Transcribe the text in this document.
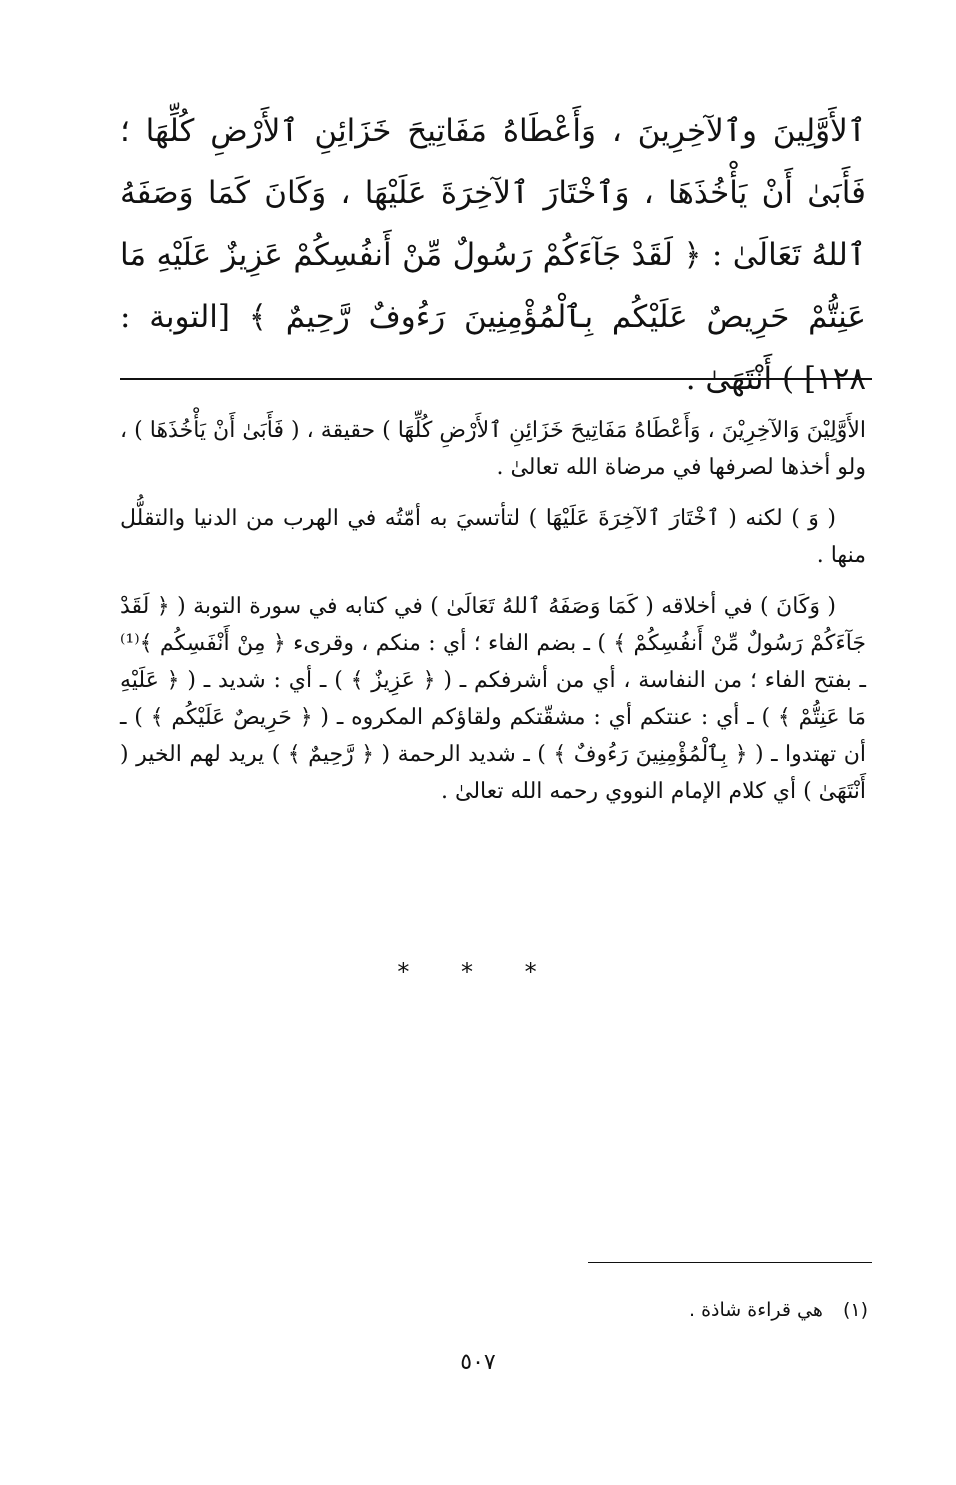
ٱلأَوَّلِينَ وٱلآخِرِينَ ، وَأَعْطَاهُ مَفَاتِيحَ خَزَائِنِ ٱلأَرْضِ كُلِّهَا ؛ فَأَبَىٰ أَنْ يَأْخُذَهَا ، وَٱخْتَارَ ٱلآخِرَةَ عَلَيْهَا ، وَكَانَ كَمَا وَصَفَهُ ٱللهُ تَعَالَىٰ : ﴿ لَقَدْ جَآءَكُمْ رَسُولٌ مِّنْ أَنفُسِكُمْ عَزِيزٌ عَلَيْهِ مَا عَنِتُّمْ حَرِيصٌ عَلَيْكُم بِٱلْمُؤْمِنِينَ رَءُوفٌ رَّحِيمٌ ﴾ [التوبة : ١٢٨] ) أَنْتَهَىٰ .

الأَوَّلِيْنَ وَالآخِرِيْنَ ، وَأَعْطَاهُ مَفَاتِيحَ خَزَائِنِ ٱلأَرْضِ كُلِّهَا ) حقيقة ، ( فَأَبَىٰ أَنْ يَأْخُذَهَا ) ، ولو أخذها لصرفها في مرضاة الله تعالىٰ .

( وَ ) لكنه ( ٱخْتَارَ ٱلآخِرَةَ عَلَيْهَا ) لتأتسيَ به أمّتُه في الهرب من الدنيا والتقلُّل منها .

( وَكَانَ ) في أخلاقه ( كَمَا وَصَفَهُ ٱللهُ تَعَالَىٰ ) في كتابه في سورة التوبة ( ﴿ لَقَدْ جَآءَكُمْ رَسُولٌ مِّنْ أَنفُسِكُمْ ﴾ ) ـ بضم الفاء ؛ أي : منكم ، وقرىء ﴿ مِنْ أَنْفَسِكُم ﴾⁽¹⁾ ـ بفتح الفاء ؛ من النفاسة ، أي من أشرفكم ـ ( ﴿ عَزِيزٌ ﴾ ) ـ أي : شديد ـ ( ﴿ عَلَيْهِ مَا عَنِتُّمْ ﴾ ) ـ أي : عنتكم أي : مشقّتكم ولقاؤكم المكروه ـ ( ﴿ حَرِيصٌ عَلَيْكُم ﴾ ) ـ أن تهتدوا ـ ( ﴿ بِٱلْمُؤْمِنِينَ رَءُوفٌ ﴾ ) ـ شديد الرحمة ( ﴿ رَّحِيمٌ ﴾ ) يريد لهم الخير ( أَنْتَهَىٰ ) أي كلام الإمام النووي رحمه الله تعالىٰ .

* * *
(١) هي قراءة شاذة .
٥٠٧
